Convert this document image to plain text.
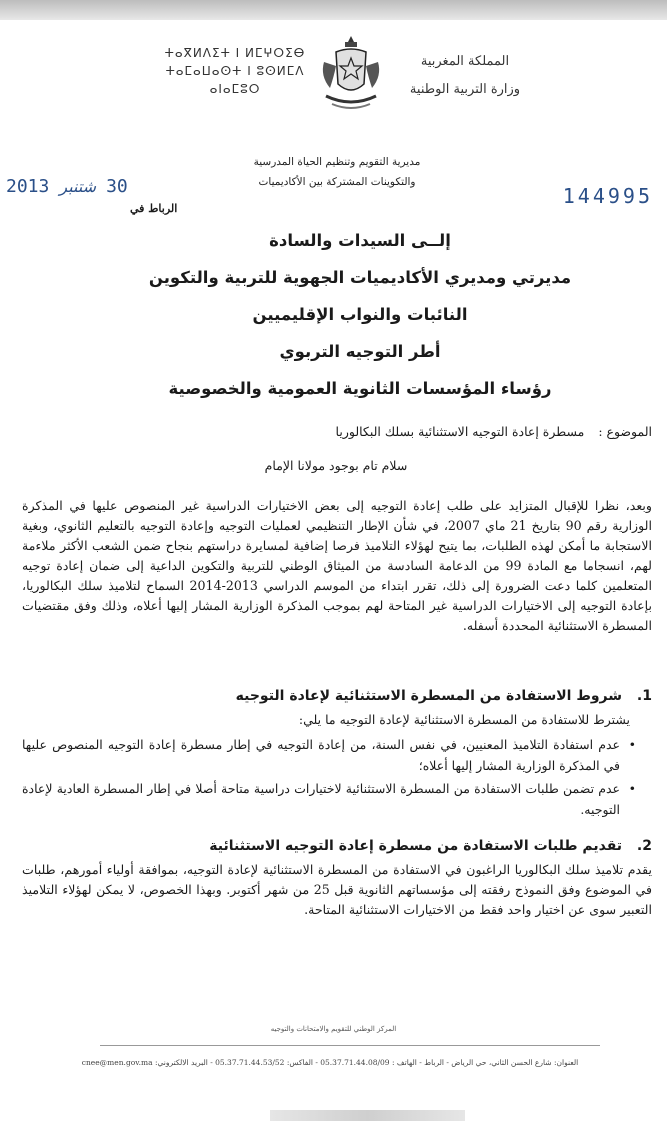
ⵜⴰⴳⵍⴷⵉⵜ ⵏ ⵍⵎⵖⵔⵉⴱ
ⵜⴰⵎⴰⵡⴰⵙⵜ ⵏ ⵓⵙⵍⵎⴷ
ⴰⵏⴰⵎⵓⵔ
المملكة المغربية
وزارة التربية الوطنية
مديرية التقويم وتنظيم الحياة المدرسية
والتكوينات المشتركة بين الأكاديميات
2013 شتنبر 30	144995
الرباط في
إلــى السيدات والسادة
مديرتي ومديري الأكاديميات الجهوية للتربية والتكوين
النائبات والنواب الإقليميين
أطر التوجيه التربوي
رؤساء المؤسسات الثانوية العمومية والخصوصية
الموضوع : مسطرة إعادة التوجيه الاستثنائية بسلك البكالوريا
سلام تام بوجود مولانا الإمام
وبعد، نظرا للإقبال المتزايد على طلب إعادة التوجيه إلى بعض الاختيارات الدراسية غير المنصوص عليها في المذكرة الوزارية رقم 90 بتاريخ 21 ماي 2007، في شأن الإطار التنظيمي لعمليات التوجيه وإعادة التوجيه بالتعليم الثانوي، وبغية الاستجابة ما أمكن لهذه الطلبات، بما يتيح لهؤلاء التلاميذ فرصا إضافية لمسايرة دراستهم بنجاح ضمن الشعب الأكثر ملاءمة لهم، انسجاما مع المادة 99 من الدعامة السادسة من الميثاق الوطني للتربية والتكوين الداعية إلى ضمان إعادة توجيه المتعلمين كلما دعت الضرورة إلى ذلك، تقرر ابتداء من الموسم الدراسي 2013-2014 السماح لتلاميذ سلك البكالوريا، بإعادة التوجيه إلى الاختيارات الدراسية غير المتاحة لهم بموجب المذكرة الوزارية المشار إليها أعلاه، وذلك وفق مقتضيات المسطرة الاستثنائية المحددة أسفله.
1. شروط الاستفادة من المسطرة الاستثنائية لإعادة التوجيه
يشترط للاستفادة من المسطرة الاستثنائية لإعادة التوجيه ما يلي:
• عدم استفادة التلاميذ المعنيين، في نفس السنة، من إعادة التوجيه في إطار مسطرة إعادة التوجيه المنصوص عليها في المذكرة الوزارية المشار إليها أعلاه؛
• عدم تضمن طلبات الاستفادة من المسطرة الاستثنائية لاختيارات دراسية متاحة أصلا في إطار المسطرة العادية لإعادة التوجيه.
2. تقديم طلبات الاستفادة من مسطرة إعادة التوجيه الاستثنائية
يقدم تلاميذ سلك البكالوريا الراغبون في الاستفادة من المسطرة الاستثنائية لإعادة التوجيه، بموافقة أولياء أمورهم، طلبات في الموضوع وفق النموذج رفقته إلى مؤسساتهم الثانوية قبل 25 من شهر أكتوبر. وبهذا الخصوص، لا يمكن لهؤلاء التلاميذ التعبير سوى عن اختيار واحد فقط من الاختيارات الاستثنائية المتاحة.
المركز الوطني للتقويم والامتحانات والتوجيه
العنوان: شارع الحسن الثاني، حي الرياض - الرباط - الهاتف : 05.37.71.44.08/09 - الفاكس: 05.37.71.44.53/52 - البريد الالكتروني: cnee@men.gov.ma
